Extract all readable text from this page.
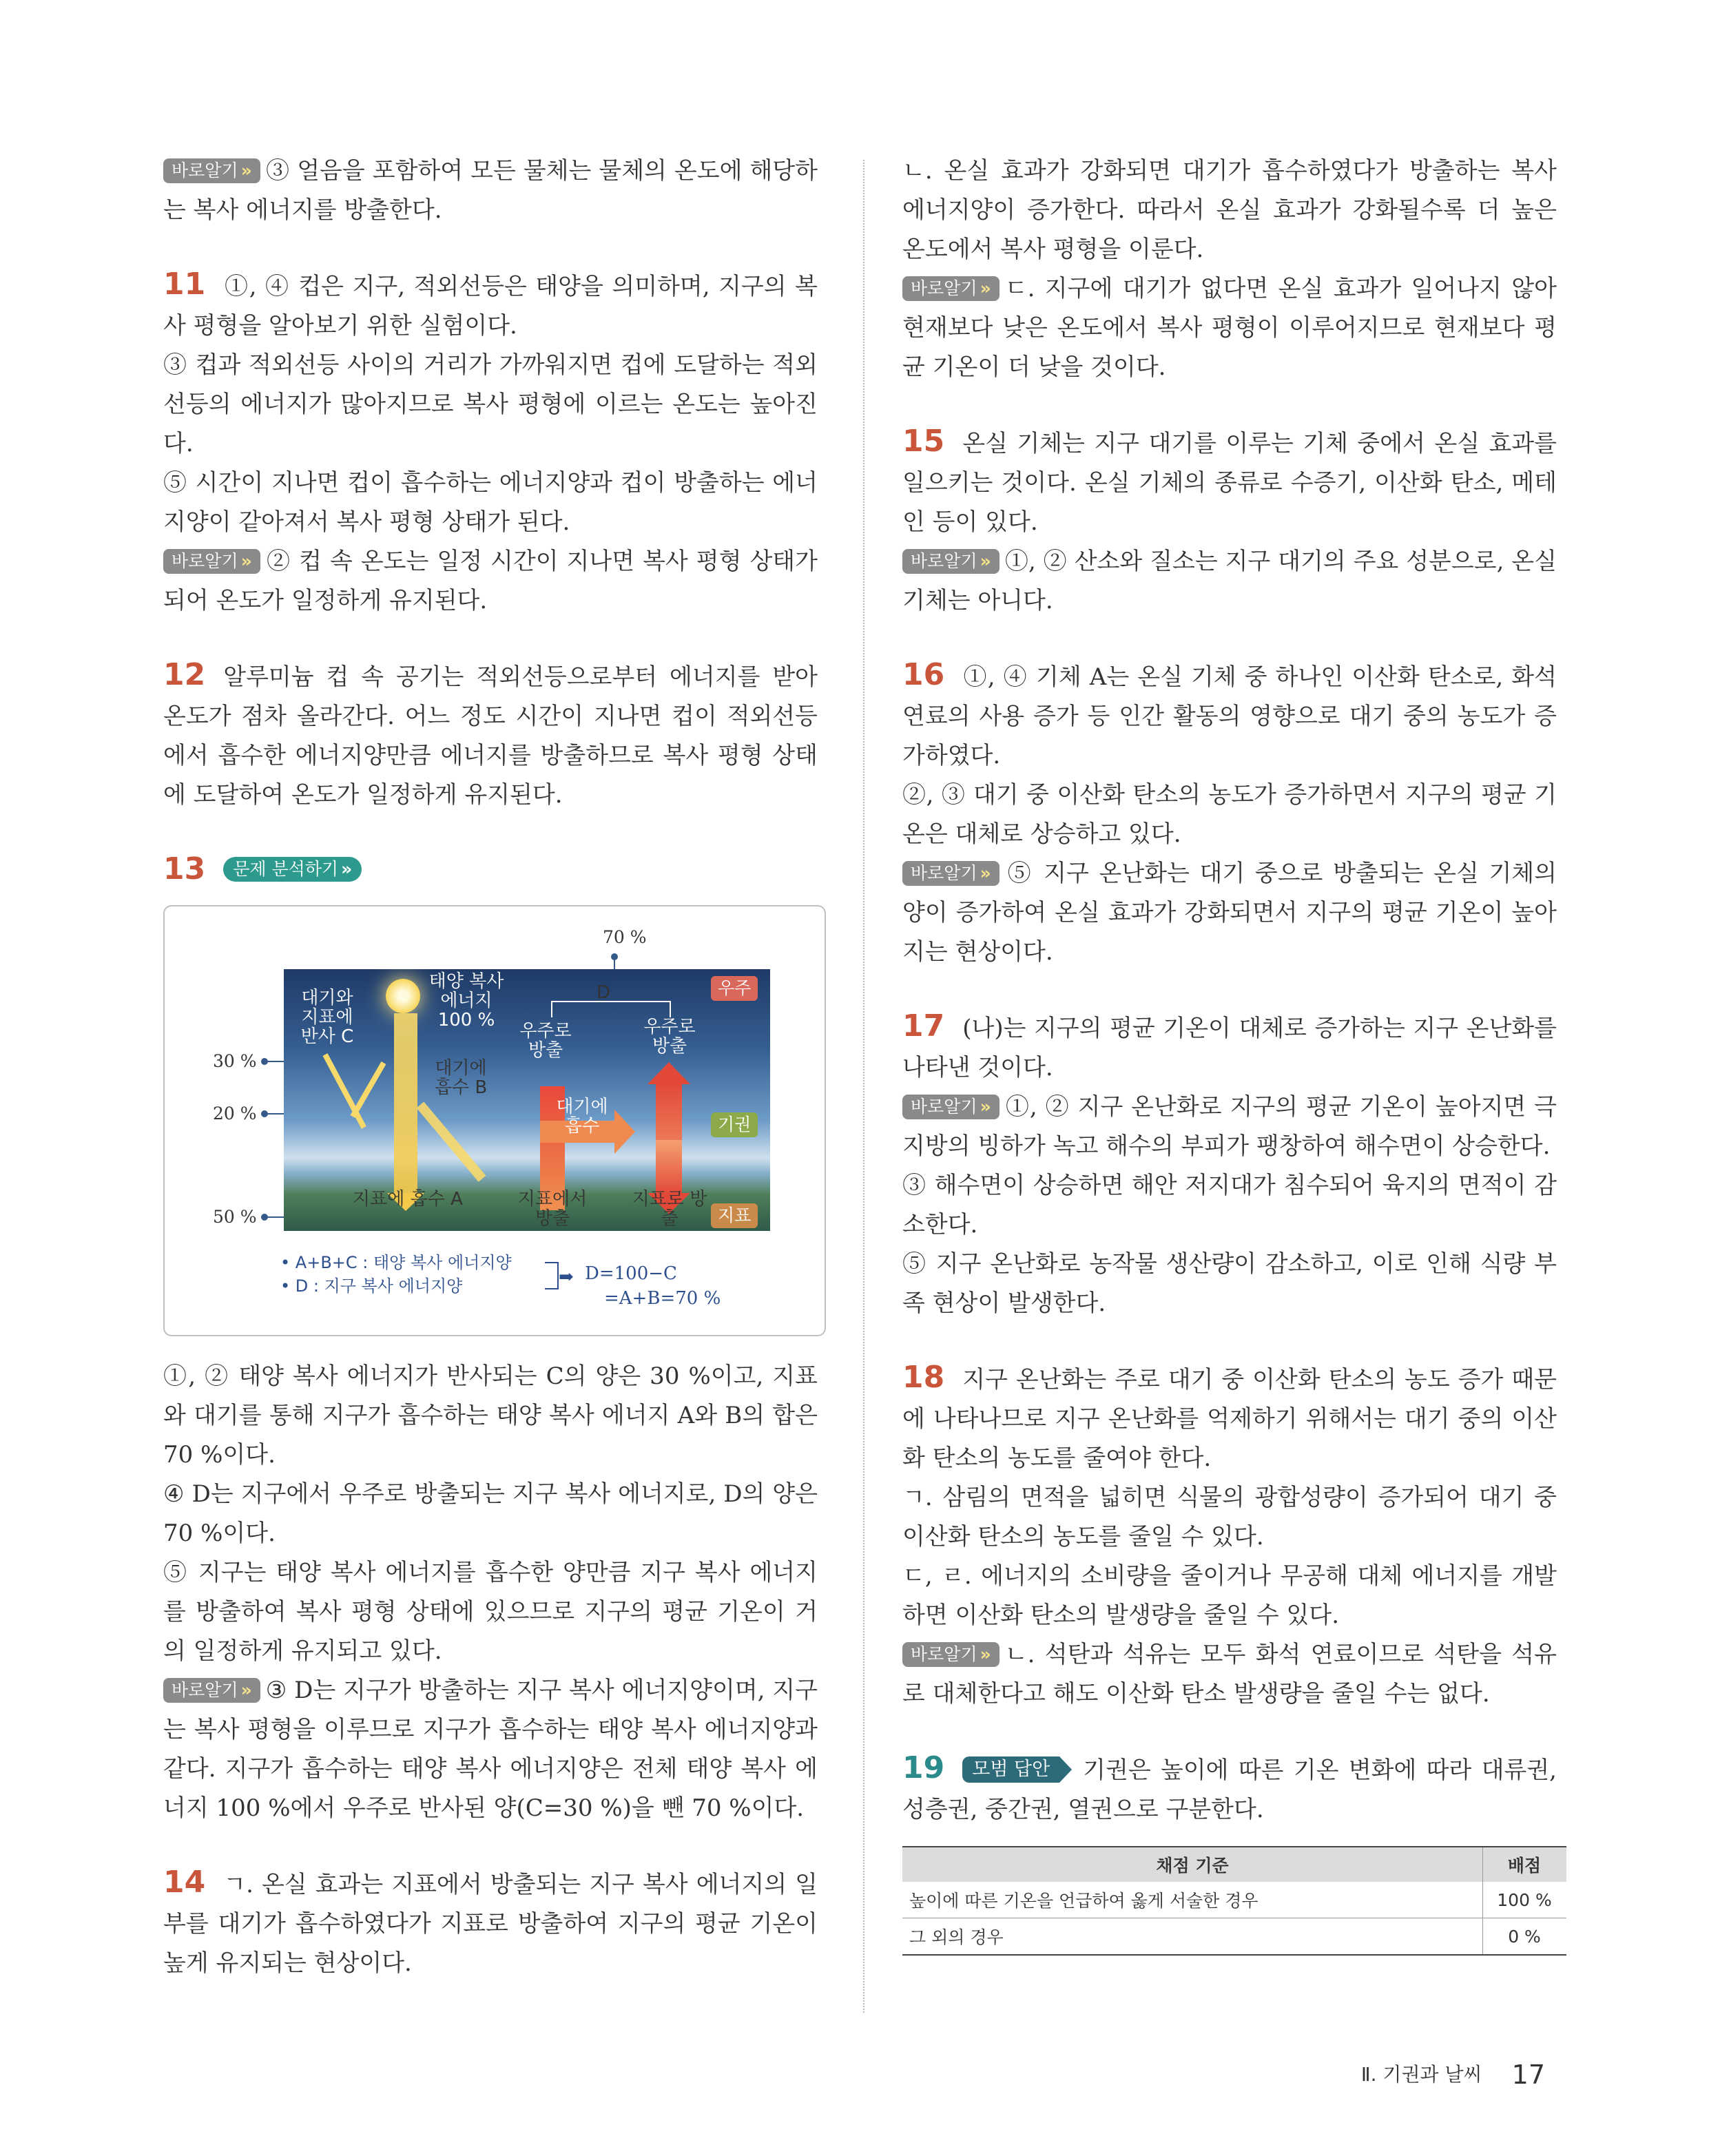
바로알기 » ③ 얼음을 포함하여 모든 물체는 물체의 온도에 해당하는 복사 에너지를 방출한다.

11 ①, ④ 컵은 지구, 적외선등은 태양을 의미하며, 지구의 복사 평형을 알아보기 위한 실험이다.

③ 컵과 적외선등 사이의 거리가 가까워지면 컵에 도달하는 적외선등의 에너지가 많아지므로 복사 평형에 이르는 온도는 높아진다.

⑤ 시간이 지나면 컵이 흡수하는 에너지양과 컵이 방출하는 에너지양이 같아져서 복사 평형 상태가 된다.

바로알기 » ② 컵 속 온도는 일정 시간이 지나면 복사 평형 상태가 되어 온도가 일정하게 유지된다.

12 알루미늄 컵 속 공기는 적외선등으로부터 에너지를 받아 온도가 점차 올라간다. 어느 정도 시간이 지나면 컵이 적외선등에서 흡수한 에너지양만큼 에너지를 방출하므로 복사 평형 상태에 도달하여 온도가 일정하게 유지된다.

13 문제 분석하기 »

70 %
대기와 지표에 반사 C
태양 복사 에너지 100 %
D
우주로 방출
우주로 방출
대기에 흡수 B
대기에 흡수
지표에 흡수 A	지표에서 방출
지표로 방출
우주
기권
지표
30 %
20 %
50 %
• A+B+C : 태양 복사 에너지양
• D : 지구 복사 에너지양	➡ D=100−C
=A+B=70 %

①, ② 태양 복사 에너지가 반사되는 C의 양은 30 %이고, 지표와 대기를 통해 지구가 흡수하는 태양 복사 에너지 A와 B의 합은 70 %이다.

④ D는 지구에서 우주로 방출되는 지구 복사 에너지로, D의 양은 70 %이다.

⑤ 지구는 태양 복사 에너지를 흡수한 양만큼 지구 복사 에너지를 방출하여 복사 평형 상태에 있으므로 지구의 평균 기온이 거의 일정하게 유지되고 있다.

바로알기 » ③ D는 지구가 방출하는 지구 복사 에너지양이며, 지구는 복사 평형을 이루므로 지구가 흡수하는 태양 복사 에너지양과 같다. 지구가 흡수하는 태양 복사 에너지양은 전체 태양 복사 에너지 100 %에서 우주로 반사된 양(C=30 %)을 뺀 70 %이다.

14 ㄱ. 온실 효과는 지표에서 방출되는 지구 복사 에너지의 일부를 대기가 흡수하였다가 지표로 방출하여 지구의 평균 기온이 높게 유지되는 현상이다.

ㄴ. 온실 효과가 강화되면 대기가 흡수하였다가 방출하는 복사 에너지양이 증가한다. 따라서 온실 효과가 강화될수록 더 높은 온도에서 복사 평형을 이룬다.

바로알기 » ㄷ. 지구에 대기가 없다면 온실 효과가 일어나지 않아 현재보다 낮은 온도에서 복사 평형이 이루어지므로 현재보다 평균 기온이 더 낮을 것이다.

15 온실 기체는 지구 대기를 이루는 기체 중에서 온실 효과를 일으키는 것이다. 온실 기체의 종류로 수증기, 이산화 탄소, 메테인 등이 있다.

바로알기 » ①, ② 산소와 질소는 지구 대기의 주요 성분으로, 온실 기체는 아니다.

16 ①, ④ 기체 A는 온실 기체 중 하나인 이산화 탄소로, 화석 연료의 사용 증가 등 인간 활동의 영향으로 대기 중의 농도가 증가하였다.

②, ③ 대기 중 이산화 탄소의 농도가 증가하면서 지구의 평균 기온은 대체로 상승하고 있다.

바로알기 » ⑤ 지구 온난화는 대기 중으로 방출되는 온실 기체의 양이 증가하여 온실 효과가 강화되면서 지구의 평균 기온이 높아지는 현상이다.

17 (나)는 지구의 평균 기온이 대체로 증가하는 지구 온난화를 나타낸 것이다.

바로알기 » ①, ② 지구 온난화로 지구의 평균 기온이 높아지면 극지방의 빙하가 녹고 해수의 부피가 팽창하여 해수면이 상승한다.

③ 해수면이 상승하면 해안 저지대가 침수되어 육지의 면적이 감소한다.

⑤ 지구 온난화로 농작물 생산량이 감소하고, 이로 인해 식량 부족 현상이 발생한다.

18 지구 온난화는 주로 대기 중 이산화 탄소의 농도 증가 때문에 나타나므로 지구 온난화를 억제하기 위해서는 대기 중의 이산화 탄소의 농도를 줄여야 한다.

ㄱ. 삼림의 면적을 넓히면 식물의 광합성량이 증가되어 대기 중 이산화 탄소의 농도를 줄일 수 있다.

ㄷ, ㄹ. 에너지의 소비량을 줄이거나 무공해 대체 에너지를 개발하면 이산화 탄소의 발생량을 줄일 수 있다.

바로알기 » ㄴ. 석탄과 석유는 모두 화석 연료이므로 석탄을 석유로 대체한다고 해도 이산화 탄소 발생량을 줄일 수는 없다.

19 모범 답안 기권은 높이에 따른 기온 변화에 따라 대류권, 성층권, 중간권, 열권으로 구분한다.

채점 기준	배점
높이에 따른 기온을 언급하여 옳게 서술한 경우	100 %
그 외의 경우	0 %
Ⅱ. 기권과 날씨 17
